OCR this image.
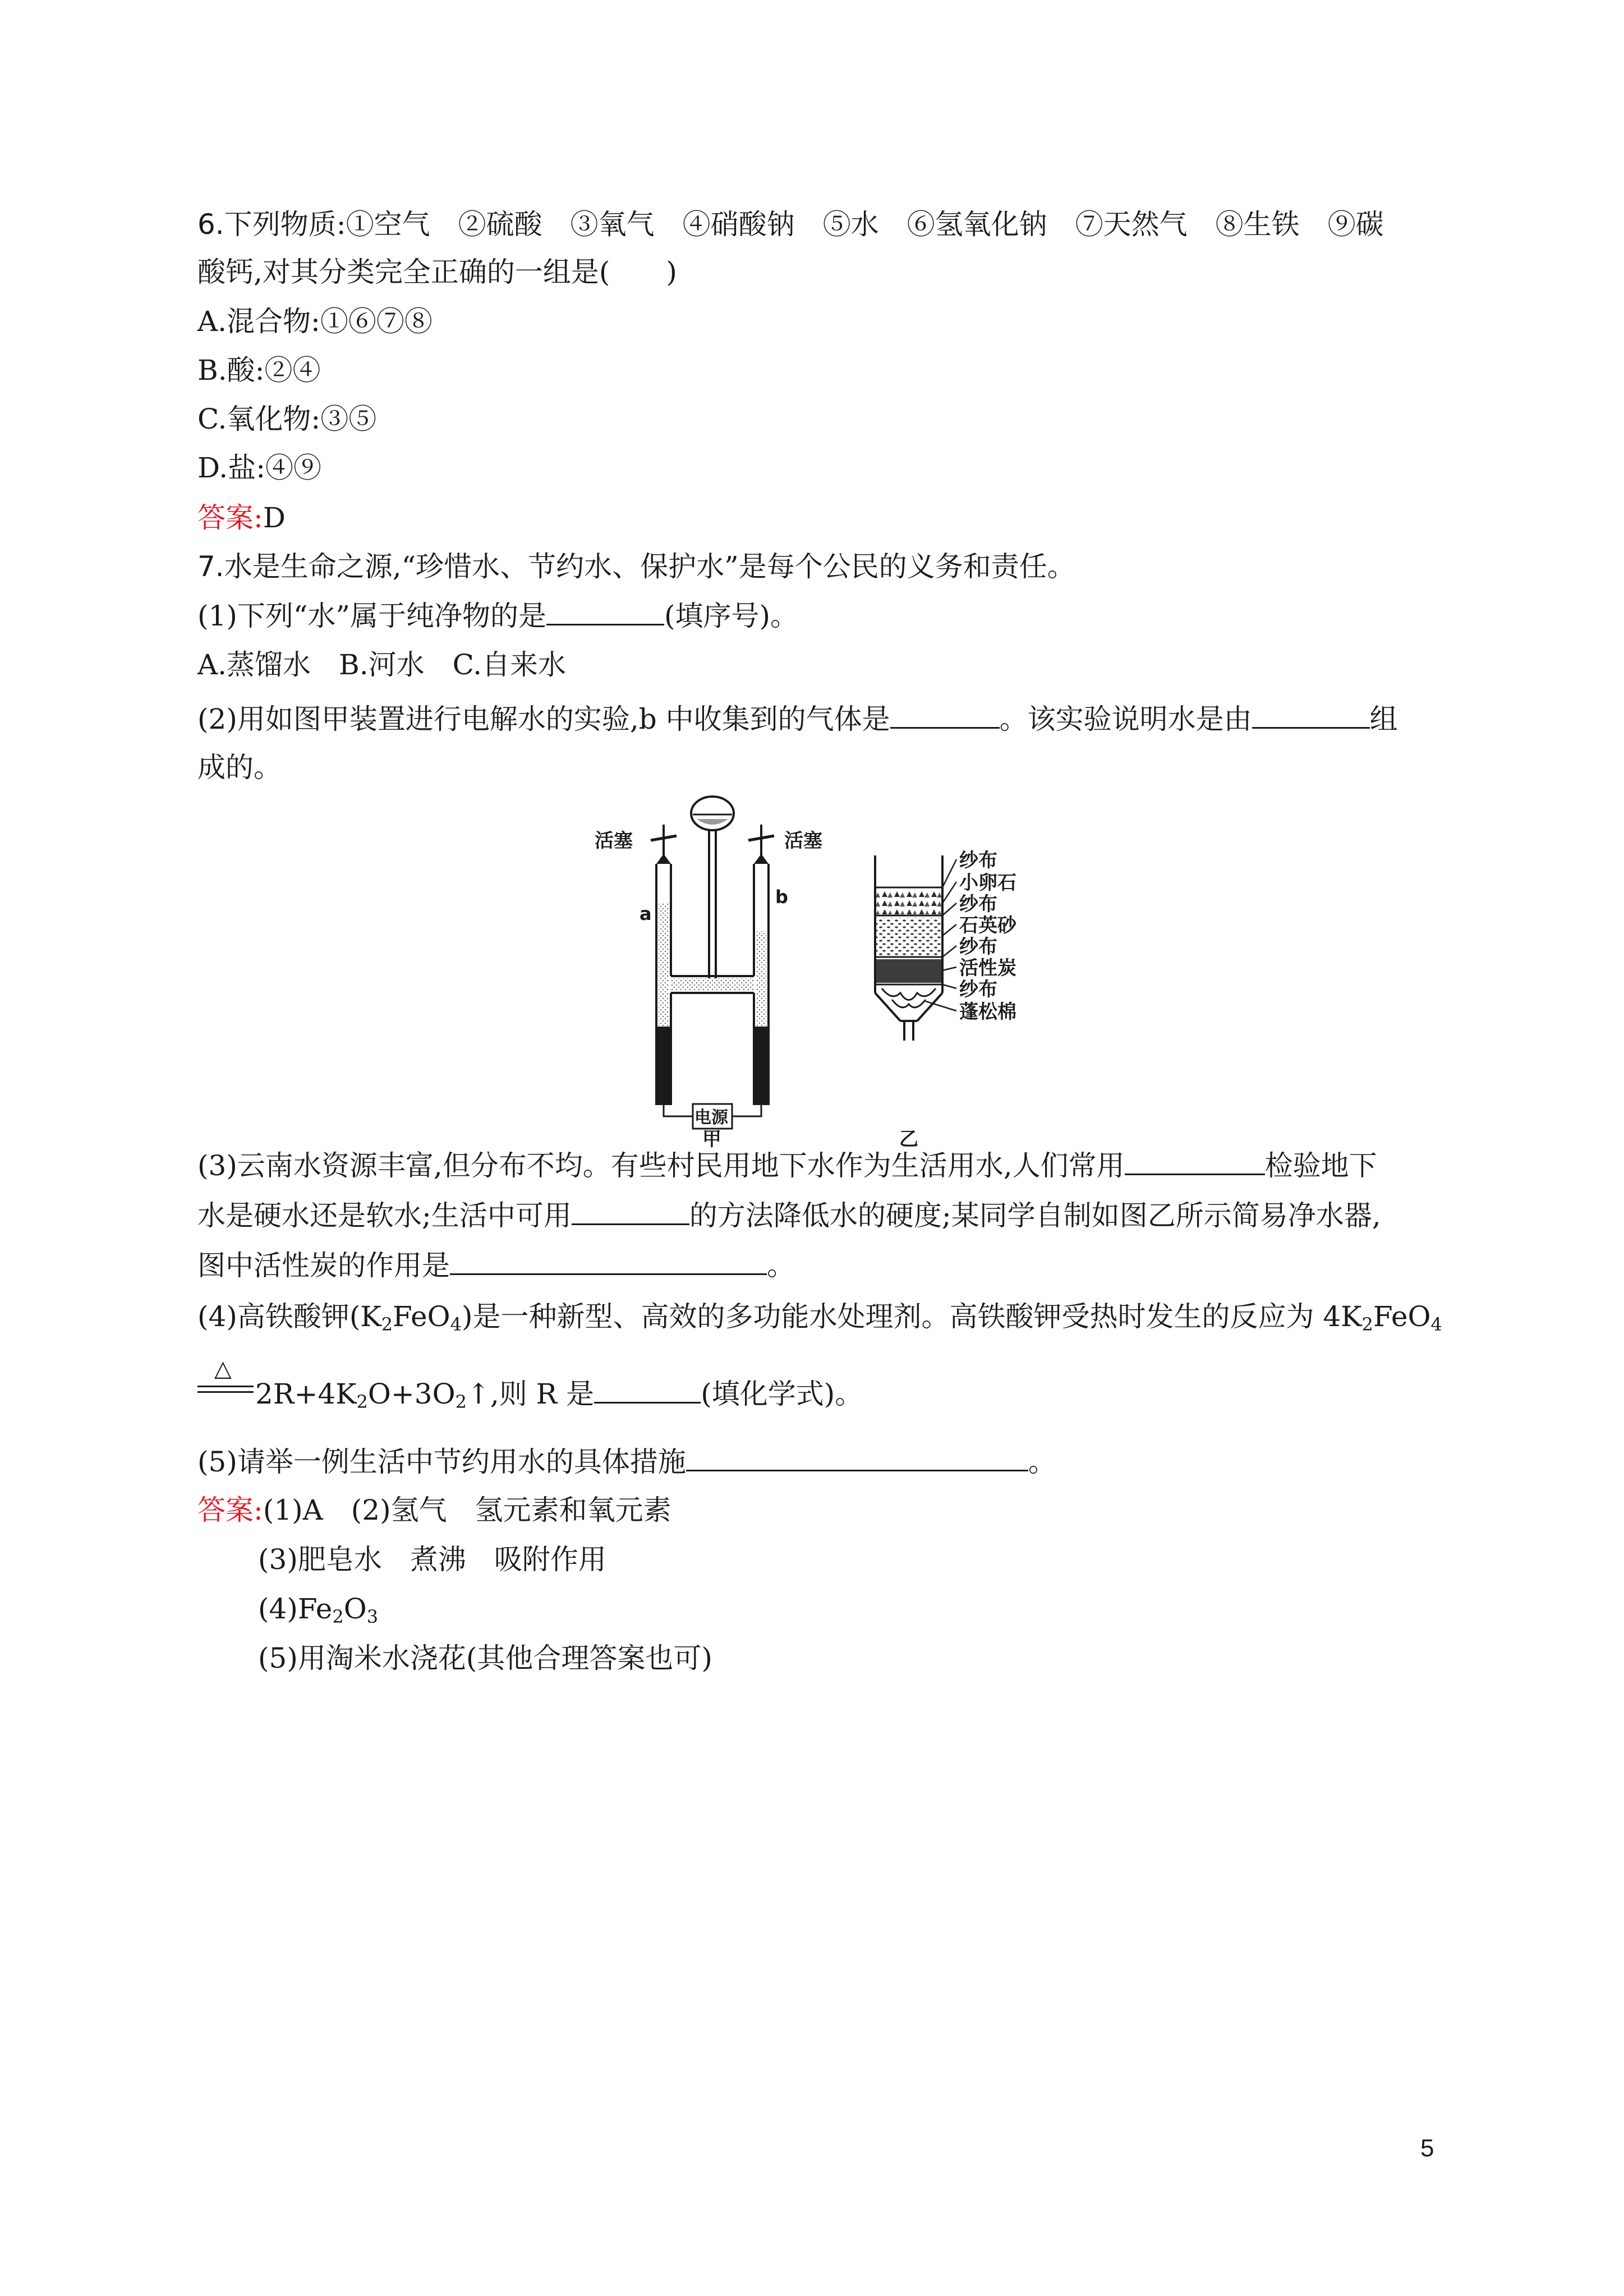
6.下列物质:①空气　②硫酸　③氧气　④硝酸钠　⑤水　⑥氢氧化钠　⑦天然气　⑧生铁　⑨碳
酸钙,对其分类完全正确的一组是(　　)
A.混合物:①⑥⑦⑧
B.酸:②④
C.氧化物:③⑤
D.盐:④⑨
答案:D
7.水是生命之源,“珍惜水、节约水、保护水”是每个公民的义务和责任。
(1)下列“水”属于纯净物的是	(填序号)。
A.蒸馏水　B.河水　C.自来水
(2)用如图甲装置进行电解水的实验,b 中收集到的气体是	。该实验说明水是由	组
成的。
活塞
a
b
活塞
电源
甲
纱布
小卵石
纱布
石英砂
纱布
活性炭
纱布
蓬松棉
乙
(3)云南水资源丰富,但分布不均。有些村民用地下水作为生活用水,人们常用	检验地下
水是硬水还是软水;生活中可用	的方法降低水的硬度;某同学自制如图乙所示简易净水器,
图中活性炭的作用是	。
(4)高铁酸钾$(K_2FeO_4)$是一种新型、高效的多功能水处理剂。高铁酸钾受热时发生的反应为 $4K_2FeO_4$
△
$2R+4K_2O+3O_2↑$,则 R 是	(填化学式)。
(5)请举一例生活中节约用水的具体措施	。
答案:(1)A　(2)氢气　氢元素和氧元素
(3)肥皂水　煮沸　吸附作用
$(4)Fe_2O_3$
(5)用淘米水浇花(其他合理答案也可)
5
